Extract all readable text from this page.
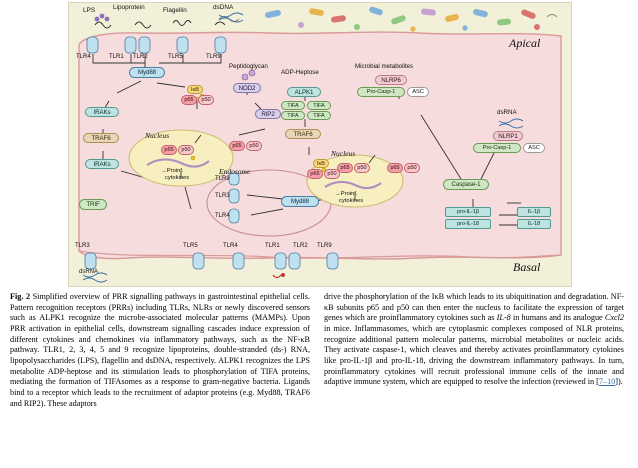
Apical
Basal
LPS	Lipoprotein	Flagellin	dsDNA
TLR4	TLR1 TLR2	TLR5	TLR9
Myd88
IRAKs
TRAF6
IRAKs
IκB
p65	p50
Nucleus
p65	p50
→Proinf.
cytokines
p65	p50
Peptidoglycan
NOD2
RIP2
ADP-Heptose
ALPK1
TIFA	TIFA
TIFA	TIFA
TRAF6
IκB
p65	p50
Nucleus
p65	p50
→Proinf.
cytokines
p65	p50
Microbial metabolites
NLRP6
Pro-Casp-1	ASC
dsRNA
NLRP1
Pro-Casp-1	ASC
Caspase-1
pro-IL-1β
pro-IL-18
IL-1β
IL-18
Endosome
TLR9
TLR3
TLR4
Myd88
TRIF
TLR3	TLR5	TLR4	TLR1 TLR2 TLR9
dsRNA
Fig. 2 Simplified overview of PRR signalling pathways in gastrointestinal epithelial cells. Pattern recognition receptors (PRRs) including TLRs, NLRs or newly discovered sensors such as ALPK1 recognize the microbe-associated molecular patterns (MAMPs). Upon PRR activation in epithelial cells, downstream signalling cascades induce expression of different cytokines and chemokines via inflammatory pathways, such as the NF-κB pathway. TLR1, 2, 3, 4, 5 and 9 recognize lipoproteins, double-stranded (ds-) RNA, lipopolysaccharides (LPS), flagellin and dsDNA, respectively. ALPK1 recognizes the LPS metabolite ADP-heptose and its stimulation leads to phosphorylation of TIFA proteins, mediating the formation of TIFAsomes as a response to gram-negative bacteria. Ligands bind to a receptor which leads to the recruitment of adaptor proteins (e.g. Myd88, TRAF6 and RIP2). These adaptors
drive the phosphorylation of the IκB which leads to its ubiquitination and degradation. NF-κB subunits p65 and p50 can then enter the nucleus to facilitate the expression of target genes which are proinflammatory cytokines such as IL-8 in humans and its analogue Cxcl2 in mice. Inflammasomes, which are cytoplasmic complexes composed of NLR proteins, recognize additional pattern molecular patterns, microbial metabolites or nucleic acids. They activate caspase-1, which cleaves and thereby activates proinflammatory cytokines like pro-IL-1β and pro-IL-18, driving the downstream inflammatory pathways. In turn, proinflammatory cytokines will recruit professional immune cells of the innate and adaptive immune system, which are equipped to resolve the infection (reviewed in [7–10]).
